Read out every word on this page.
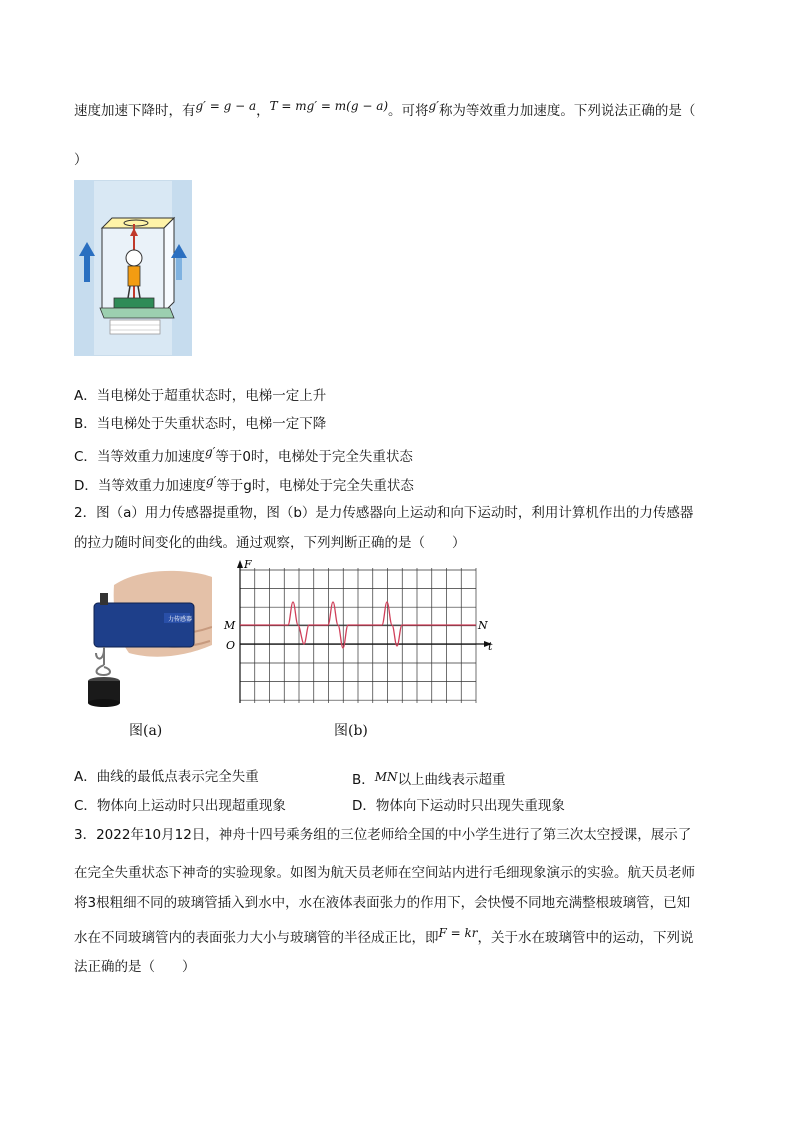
速度加速下降时，有g′ = g − a，T = mg′ = m(g − a)。可将g′称为等效重力加速度。下列说法正确的是（
）
A．当电梯处于超重状态时，电梯一定上升
B．当电梯处于失重状态时，电梯一定下降
C．当等效重力加速度g′等于0时，电梯处于完全失重状态
D．当等效重力加速度g′等于g时，电梯处于完全失重状态
2．图（a）用力传感器提重物，图（b）是力传感器向上运动和向下运动时，利用计算机作出的力传感器
的拉力随时间变化的曲线。通过观察，下列判断正确的是（　　）
力传感器
F
t
O
M	N
图(a)	图(b)
A．曲线的最低点表示完全失重	B．MN以上曲线表示超重
C．物体向上运动时只出现超重现象	D．物体向下运动时只出现失重现象
3．2022年10月12日，神舟十四号乘务组的三位老师给全国的中小学生进行了第三次太空授课，展示了
在完全失重状态下神奇的实验现象。如图为航天员老师在空间站内进行毛细现象演示的实验。航天员老师
将3根粗细不同的玻璃管插入到水中，水在液体表面张力的作用下，会快慢不同地充满整根玻璃管，已知
水在不同玻璃管内的表面张力大小与玻璃管的半径成正比，即F = kr，关于水在玻璃管中的运动，下列说
法正确的是（　　）
